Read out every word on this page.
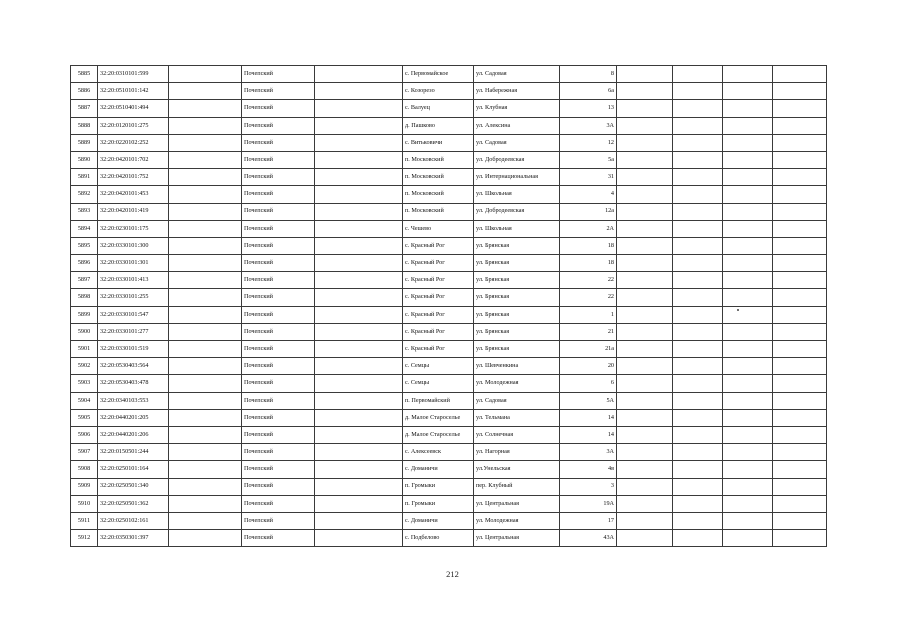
5885	32:20:0310101:599		Почепский		с. Первомайское	ул. Садовая	8				
5886	32:20:0510101:142		Почепский		с. Козорезо	ул. Набережная	6а				
5887	32:20:0510401:494		Почепский		с. Валуец	ул. Клубная	13				
5888	32:20:0120101:275		Почепский		д. Пашково	ул. Алексина	3А				
5889	32:20:0220102:252		Почепский		с. Витьковичи	ул. Садовая	12				
5890	32:20:0420101:702		Почепский		п. Московский	ул. Добродеевская	5а				
5891	32:20:0420101:752		Почепский		п. Московский	ул. Интернациональная	31				
5892	32:20:0420101:453		Почепский		п. Московский	ул. Школьная	4				
5893	32:20:0420101:419		Почепский		п. Московский	ул. Добродеевская	12а				
5894	32:20:0230101:175		Почепский		с. Чешево	ул. Школьная	2А				
5895	32:20:0330101:300		Почепский		с. Красный Рог	ул. Брянская	18				
5896	32:20:0330101:301		Почепский		с. Красный Рог	ул. Брянская	18				
5897	32:20:0330101:413		Почепский		с. Красный Рог	ул. Брянская	22				
5898	32:20:0330101:255		Почепский		с. Красный Рог	ул. Брянская	22				
5899	32:20:0330101:547		Почепский		с. Красный Рог	ул. Брянская	1				
5900	32:20:0330101:277		Почепский		с. Красный Рог	ул. Брянская	21				
5901	32:20:0330101:519		Почепский		с. Красный Рог	ул. Брянская	21а				
5902	32:20:0530403:564		Почепский		с. Семцы	ул. Шевченкина	20				
5903	32:20:0530403:478		Почепский		с. Семцы	ул. Молодежная	6				
5904	32:20:0340103:553		Почепский		п. Первомайский	ул. Садовая	5А				
5905	32:20:0440201:205		Почепский		д. Малое Староселье	ул. Тельмана	14				
5906	32:20:0440201:206		Почепский		д. Малое Староселье	ул. Солнечная	14				
5907	32:20:0150501:244		Почепский		с. Алексеевск	ул. Нагорная	3А				
5908	32:20:0250101:164		Почепский		с. Доманичи	ул.Унельская	4в				
5909	32:20:0250501:340		Почепский		п. Громыки	пер. Клубный	3				
5910	32:20:0250501:362		Почепский		п. Громыки	ул. Центральная	19А				
5911	32:20:0250102:161		Почепский		с. Доманичи	ул. Молодежная	17				
5912	32:20:0350301:397		Почепский		с. Подбелово	ул. Центральная	43А				
212
